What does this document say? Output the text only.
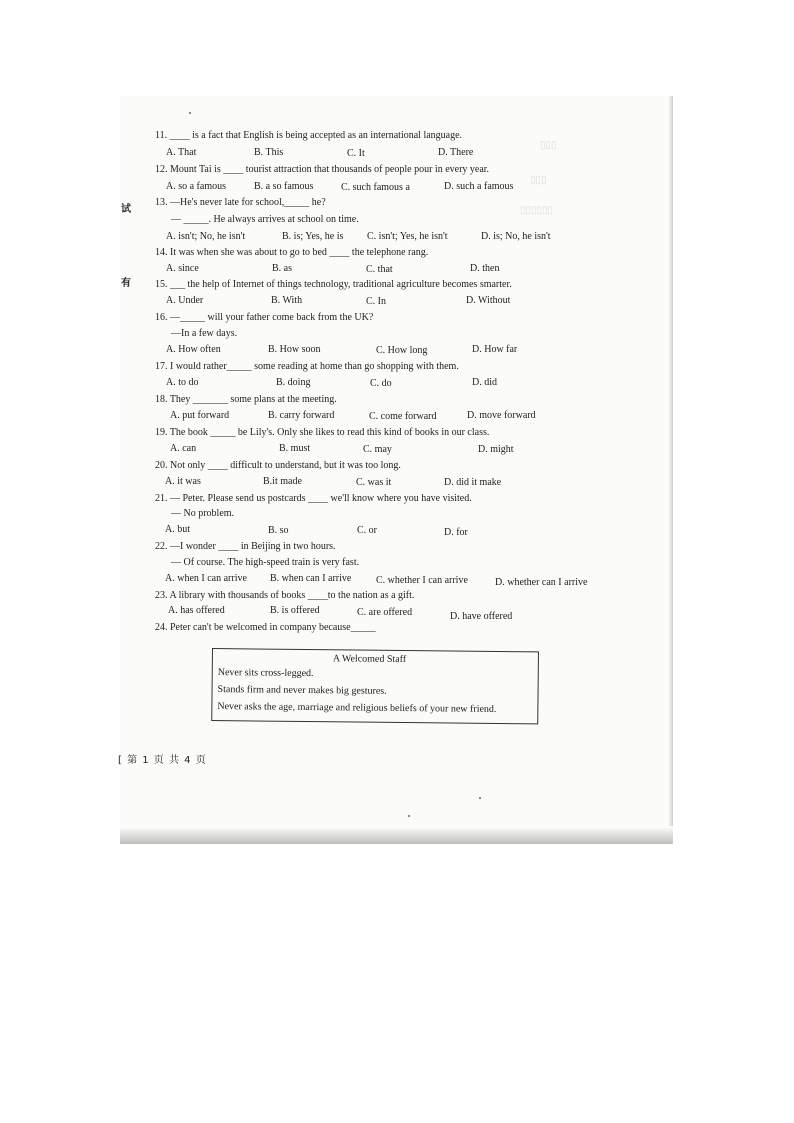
▯▯▯
▯▯▯
▯▯▯▯▯▯
试
有
11. ____ is a fact that English is being accepted as an international language.
A. That	B. This	C. It	D. There
12. Mount Tai is ____ tourist attraction that thousands of people pour in every year.
A. so a famous	B. a so famous	C. such famous a	D. such a famous
13. —He's never late for school,_____ he?
— _____. He always arrives at school on time.
A. isn't; No, he isn't	B. is; Yes, he is C. isn't; Yes, he isn't	D. is; No, he isn't
14. It was when she was about to go to bed ____ the telephone rang.
A. since	B. as	C. that	D. then
15. ___ the help of Internet of things technology, traditional agriculture becomes smarter.
A. Under	B. With	C. In	D. Without
16. —_____ will your father come back from the UK?
—In a few days.
A. How often	B. How soon	C. How long	D. How far
17. I would rather_____ some reading at home than go shopping with them.
A. to do	B. doing	C. do	D. did
18. They _______ some plans at the meeting.
A. put forward	B. carry forward	C. come forward	D. move forward
19. The book _____ be Lily's. Only she likes to read this kind of books in our class.
A. can	B. must	C. may	D. might
20. Not only ____ difficult to understand, but it was too long.
A. it was	B.it made	C. was it	D. did it make
21. — Peter. Please send us postcards ____ we'll know where you have visited.
— No problem.
A. but	B. so	C. or	D. for
22. —I wonder ____ in Beijing in two hours.
— Of course. The high-speed train is very fast.
A. when I can arrive B. when can I arrive C. whether I can arrive	D. whether can I arrive
23. A library with thousands of books ____to the nation as a gift.
A. has offered	B. is offered	C. are offered	D. have offered
24. Peter can't be welcomed in company because_____
A Welcomed Staff
Never sits cross-legged.
Stands firm and never makes big gestures.
Never asks the age, marriage and religious beliefs of your new friend.
[ 第 1 页 共 4 页
